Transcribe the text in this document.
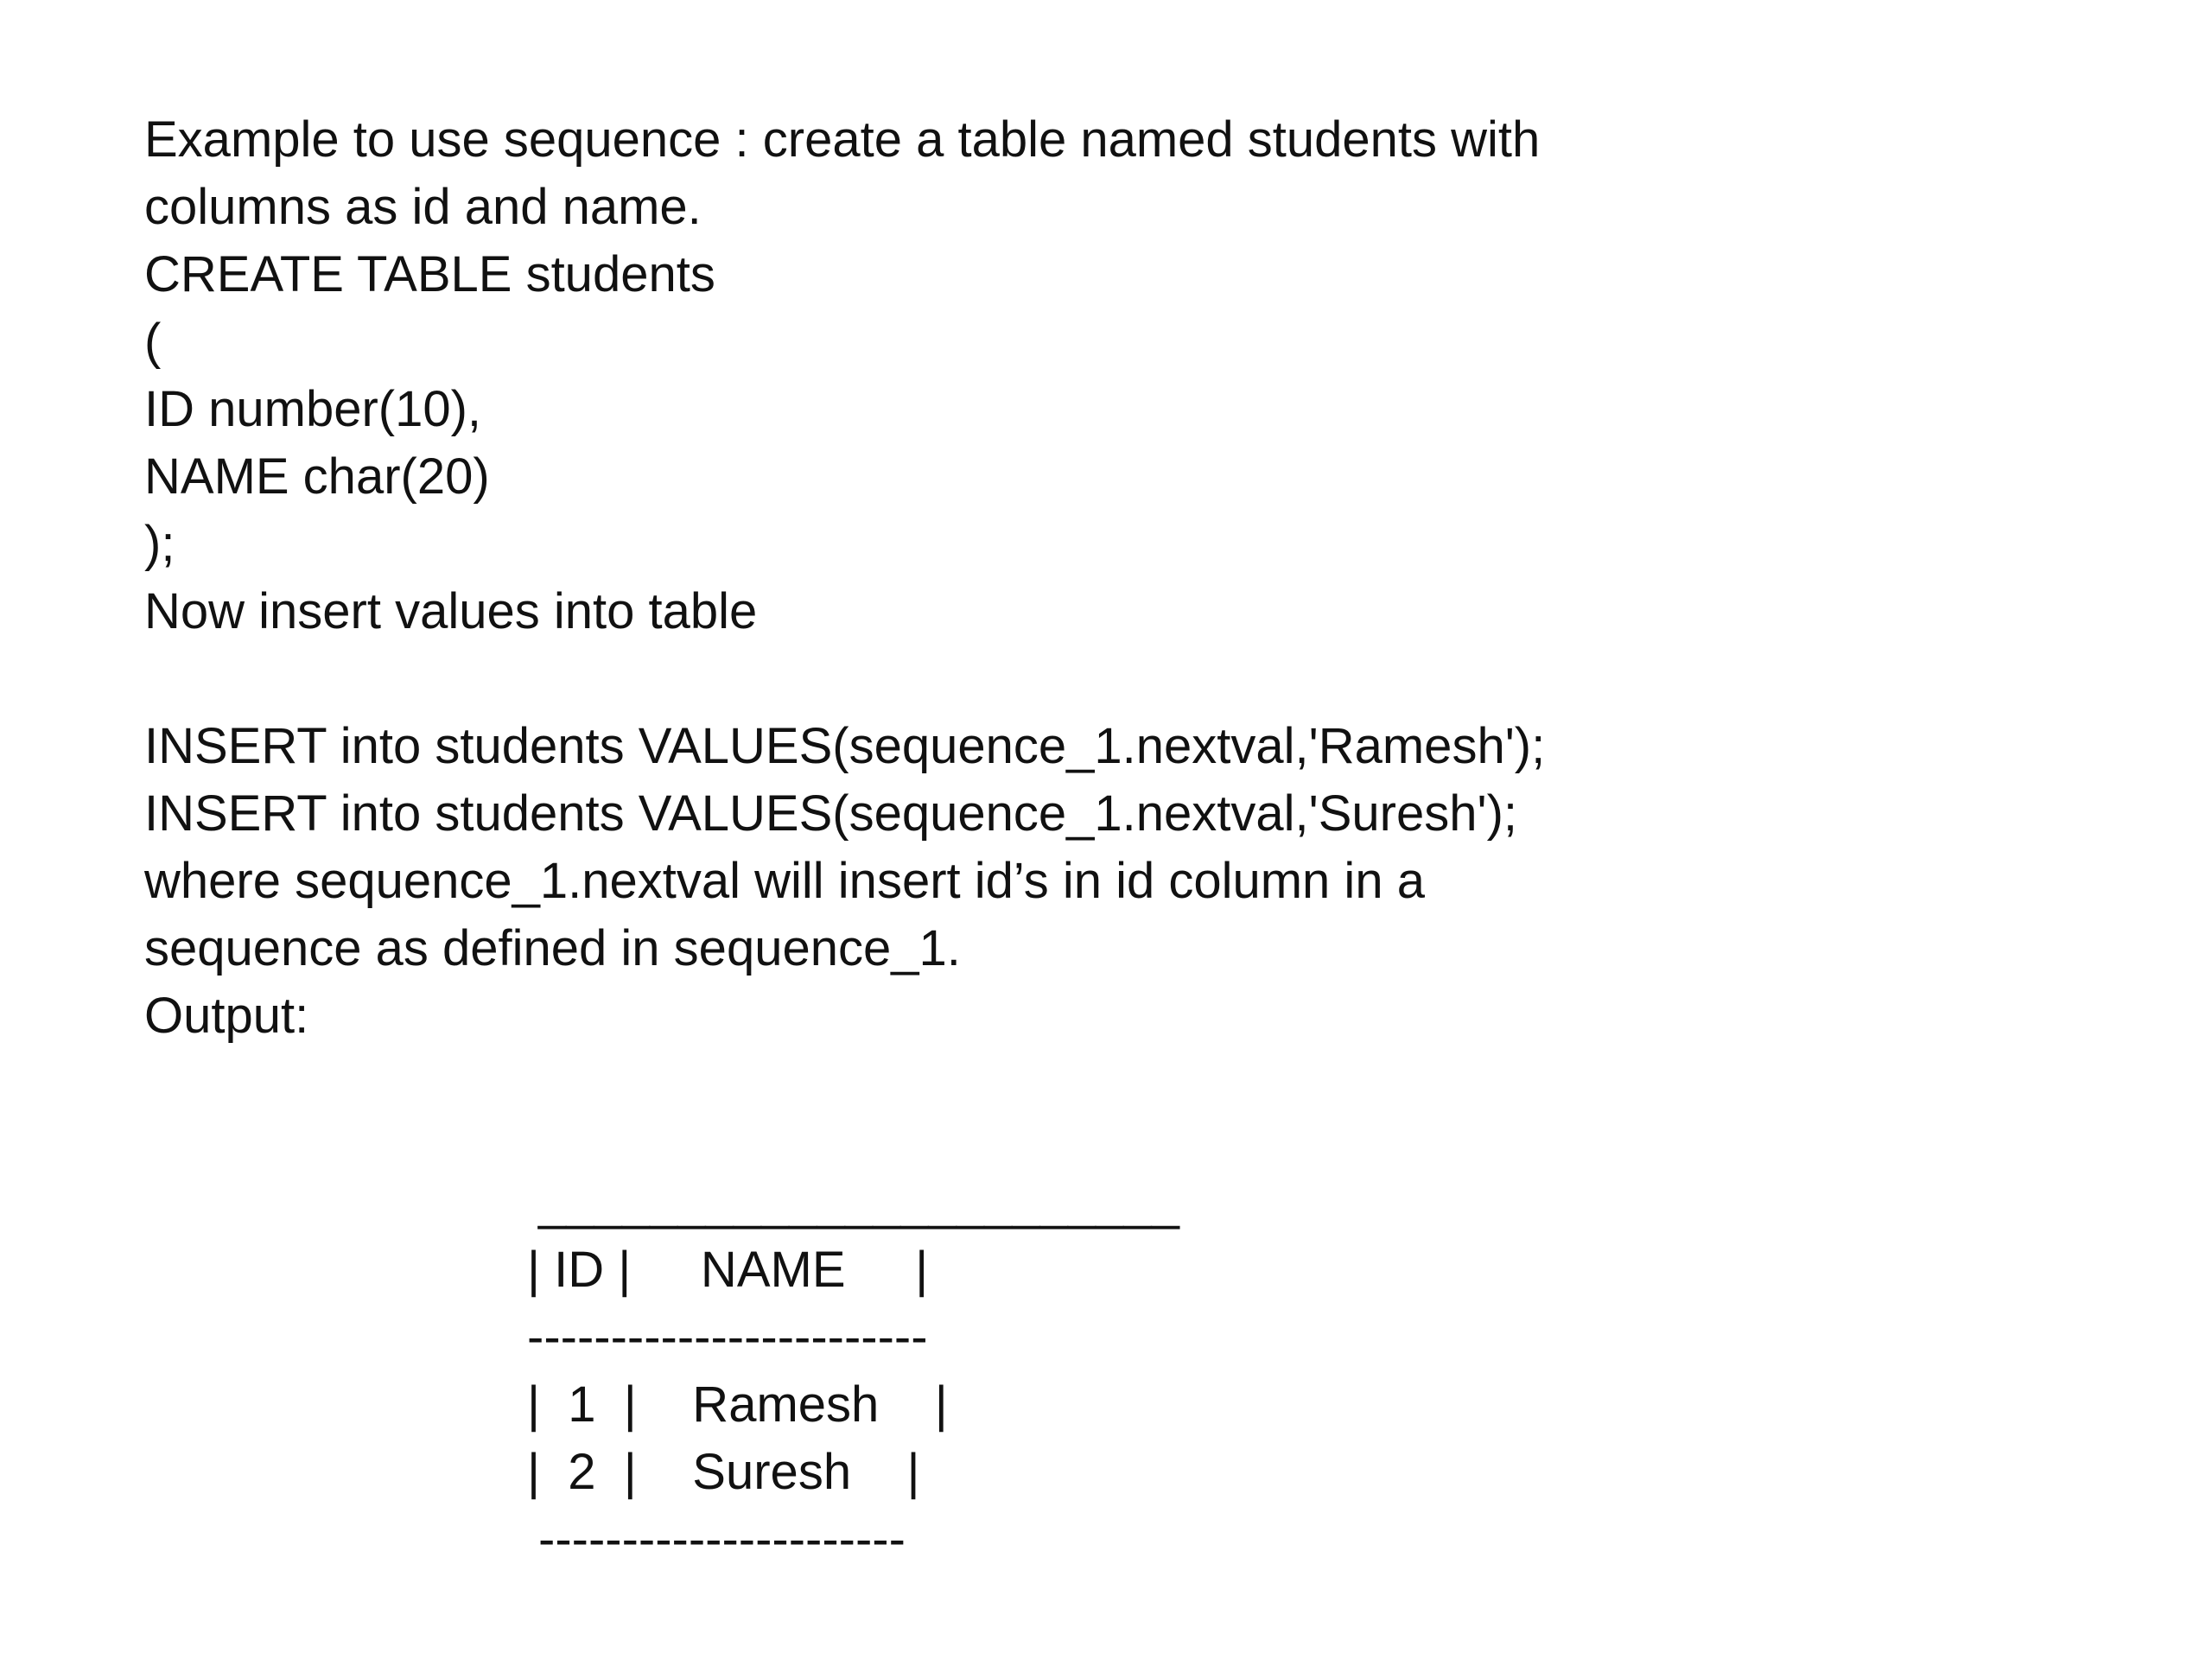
Example to use sequence : create a table named students with

columns as id and name.

CREATE TABLE students

(

ID number(10),

NAME char(20)

);

Now insert values into table

INSERT into students VALUES(sequence_1.nextval,'Ramesh');

INSERT into students VALUES(sequence_1.nextval,'Suresh');

where sequence_1.nextval will insert id’s in id column in a

sequence as defined in sequence_1.

Output:

_______________________

| ID |     NAME     |

------------------------

|  1  |    Ramesh    |

|  2  |    Suresh    |

----------------------
